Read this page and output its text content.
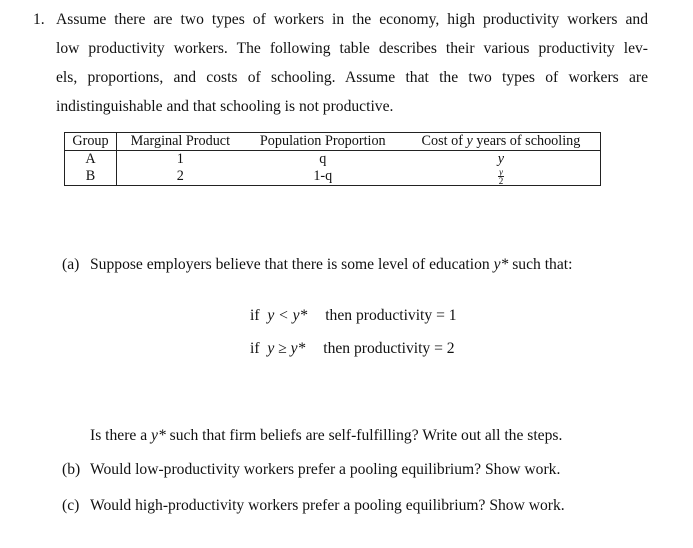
1. Assume there are two types of workers in the economy, high productivity workers and
low productivity workers. The following table describes their various productivity lev-
els, proportions, and costs of schooling. Assume that the two types of workers are
indistinguishable and that schooling is not productive.
Group	Marginal Product	Population Proportion	Cost of y years of schooling
A	1	q	y
B	2	1-q	$\frac{y}{2}$
(a) Suppose employers believe that there is some level of education y* such that:
if y < y* then productivity = 1
if y ≥ y* then productivity = 2
Is there a y* such that firm beliefs are self-fulfilling? Write out all the steps.
(b) Would low-productivity workers prefer a pooling equilibrium? Show work.
(c) Would high-productivity workers prefer a pooling equilibrium? Show work.
